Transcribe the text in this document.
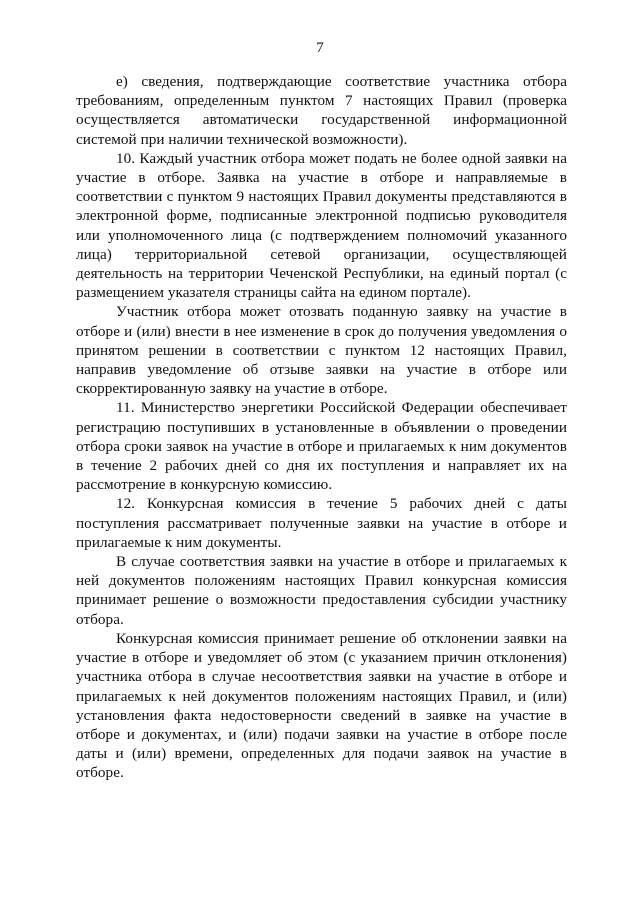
7

е) сведения, подтверждающие соответствие участника отбора требованиям, определенным пунктом 7 настоящих Правил (проверка осуществляется автоматически государственной информационной системой при наличии технической возможности).

10. Каждый участник отбора может подать не более одной заявки на участие в отборе. Заявка на участие в отборе и направляемые в соответствии с пунктом 9 настоящих Правил документы представляются в электронной форме, подписанные электронной подписью руководителя или уполномоченного лица (с подтверждением полномочий указанного лица) территориальной сетевой организации, осуществляющей деятельность на территории Чеченской Республики, на единый портал (с размещением указателя страницы сайта на едином портале).

Участник отбора может отозвать поданную заявку на участие в отборе и (или) внести в нее изменение в срок до получения уведомления о принятом решении в соответствии с пунктом 12 настоящих Правил, направив уведомление об отзыве заявки на участие в отборе или скорректированную заявку на участие в отборе.

11. Министерство энергетики Российской Федерации обеспечивает регистрацию поступивших в установленные в объявлении о проведении отбора сроки заявок на участие в отборе и прилагаемых к ним документов в течение 2 рабочих дней со дня их поступления и направляет их на рассмотрение в конкурсную комиссию.

12. Конкурсная комиссия в течение 5 рабочих дней с даты поступления рассматривает полученные заявки на участие в отборе и прилагаемые к ним документы.

В случае соответствия заявки на участие в отборе и прилагаемых к ней документов положениям настоящих Правил конкурсная комиссия принимает решение о возможности предоставления субсидии участнику отбора.

Конкурсная комиссия принимает решение об отклонении заявки на участие в отборе и уведомляет об этом (с указанием причин отклонения) участника отбора в случае несоответствия заявки на участие в отборе и прилагаемых к ней документов положениям настоящих Правил, и (или) установления факта недостоверности сведений в заявке на участие в отборе и документах, и (или) подачи заявки на участие в отборе после даты и (или) времени, определенных для подачи заявок на участие в отборе.
